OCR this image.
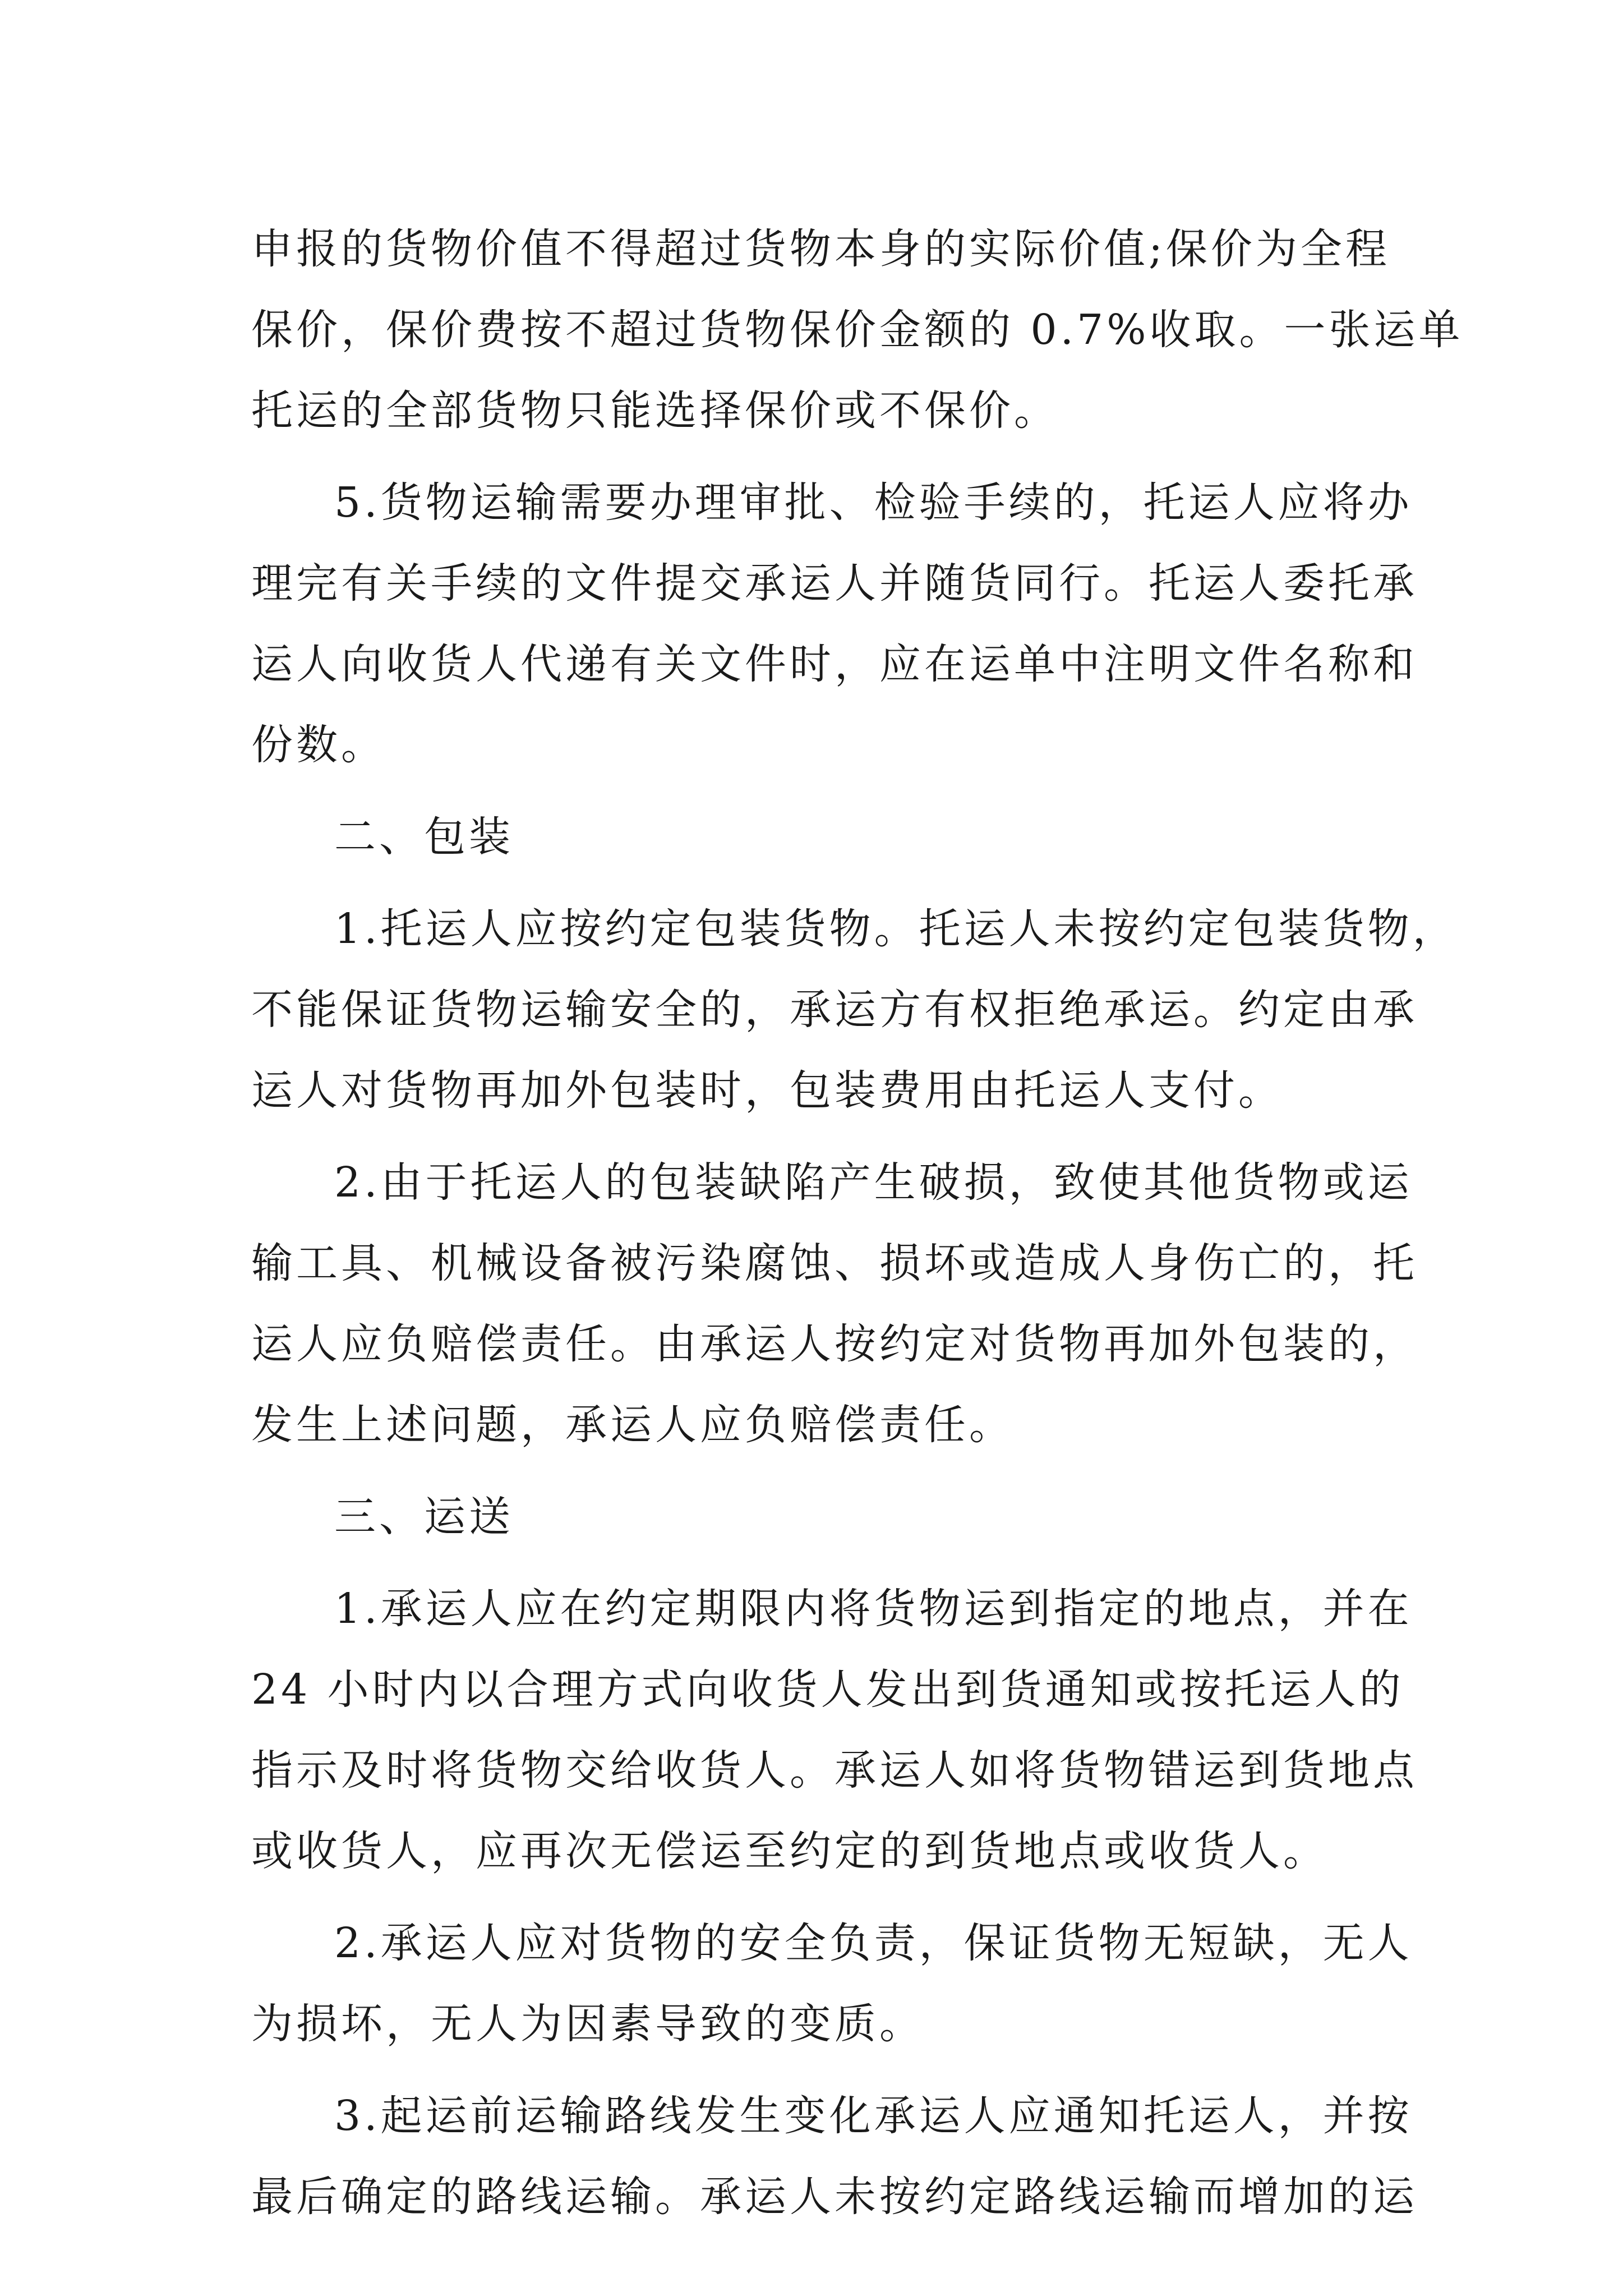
申报的货物价值不得超过货物本身的实际价值;保价为全程
保价，保价费按不超过货物保价金额的 0.7%收取。一张运单
托运的全部货物只能选择保价或不保价。
5.货物运输需要办理审批、检验手续的，托运人应将办
理完有关手续的文件提交承运人并随货同行。托运人委托承
运人向收货人代递有关文件时，应在运单中注明文件名称和
份数。
二、包装
1.托运人应按约定包装货物。托运人未按约定包装货物，
不能保证货物运输安全的，承运方有权拒绝承运。约定由承
运人对货物再加外包装时，包装费用由托运人支付。
2.由于托运人的包装缺陷产生破损，致使其他货物或运
输工具、机械设备被污染腐蚀、损坏或造成人身伤亡的，托
运人应负赔偿责任。由承运人按约定对货物再加外包装的，
发生上述问题，承运人应负赔偿责任。
三、运送
1.承运人应在约定期限内将货物运到指定的地点，并在
24 小时内以合理方式向收货人发出到货通知或按托运人的
指示及时将货物交给收货人。承运人如将货物错运到货地点
或收货人，应再次无偿运至约定的到货地点或收货人。
2.承运人应对货物的安全负责，保证货物无短缺，无人
为损坏，无人为因素导致的变质。
3.起运前运输路线发生变化承运人应通知托运人，并按
最后确定的路线运输。承运人未按约定路线运输而增加的运
